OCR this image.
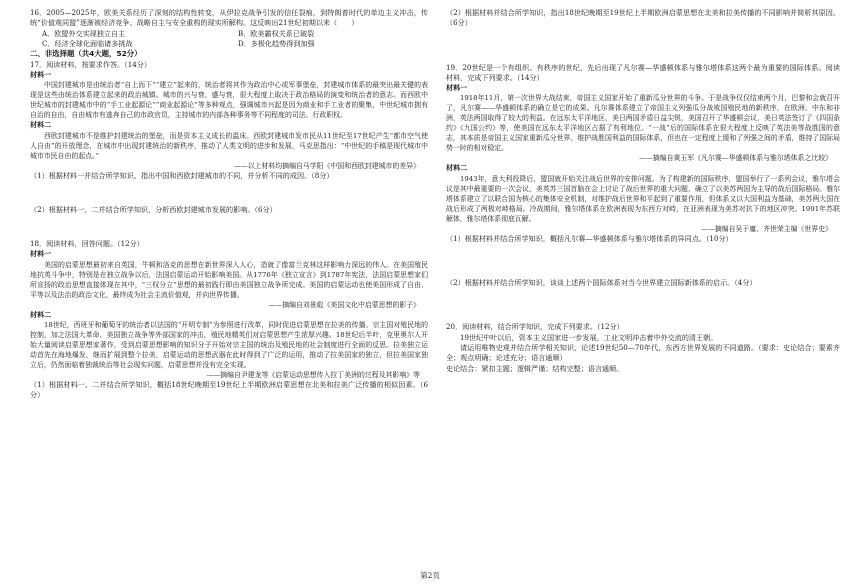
16．2005—2025年，欧美关系经历了深刻的结构性转变，从伊拉克战争引发的信任裂痕，到特朗普时代的单边主义冲击，传统“价值观同盟”逐渐被经济竞争、战略自主与安全重构的现实所解构。这反映出21世纪初期以来（　　）

A．欧盟外交实现独立自主	B．欧美霸权关系已破裂
C．经济全球化面临诸多挑战	D．多极化趋势得到加强

二、非选择题（共4大题，52分）

17．阅读材料，按要求作答。（14分）

材料一

中国封建城市是由统治者“自上而下”“建立”起来的，统治者将其作为政治中心或军事堡垒，封建城市体系的最突出最关键的表现是这些由统治体系建立起来的政治城镇。城市的兴与衰、盛与衰，很大程度上取决于政治格局的演变和统治者的意志。而西欧中世纪城市的封建城市中的“手工业起源论”“商业起源论”等多种观点，强调城市兴起是因为商业和手工业者的聚集，中世纪城市拥有自治的自由，自由城市有逃奔自己的市政官员，主持城市的内部各种事务等不同程度的司法、行政职权。

材料二

西欧封建城市不是维护封建统治的堡垒，而是资本主义成长的温床。西欧封建城市发市民从11世纪至17世纪产生“都市空气使人自由”的开放理念，在城市中出现封建统治的新秩序，推动了人类文明的进步和发展，马克思指出：“中世纪的手稿是现代城市中城市市民自由的起点。”

——以上材料均摘编自马学阳《中国和西欧封建城市的差异》

（1）根据材料一并结合所学知识，指出中国和西欧封建城市的不同，并分析不同的成因。（8分）

（2）根据材料一、二并结合所学知识，分析西欧封建城市发展的影响。（6分）

18．阅读材料，回答问题。（12分）

材料一

美国的启蒙思想最初来自英国，牛顿和洛克的思想在新世界深入人心，造就了像富兰克林这样影响力深远的伟人。在美国殖民地抗英斗争中，特别是在独立战争以后，法国启蒙运动开始影响美国。从1776年《独立宣言》到1787年宪法，法国启蒙思想家们所宣扬的政治思想直接体现在其中，“三权分立”思想的最初践行即由美国独立战争所完成。美国的启蒙运动也使美国形成了自由、平等以及法治的政治文化，最终成为社会主流价值观，并向世界传播。

——摘编自刘景彪《美国文化中启蒙思想的影子》

材料二

18世纪，西班牙和葡萄牙的统治者以法国的“开明专制”为参照进行改革，同时促进启蒙思想在拉美的传播。宗主国对殖民地的控制，加之法国大革命、美国独立战争等外部国家的冲击，殖民地精英们对启蒙思想产生浓厚兴趣。18世纪后半叶，克里奥尔人开始大量阅读启蒙思想家著作，受到启蒙思想影响的知识分子开始对宗主国的统治及殖民地的社会制度进行全面的反思。拉美独立运动首先在海地爆发，继而扩展到整个拉美，启蒙运动的思想武器在此时得到了广泛的运用，推动了拉美国家的独立，但拉美国家独立后，仍然面临着独裁统治等社会现实问题，启蒙思想并没有完全实现。

——摘编自尹建龙等《启蒙运动思想传入拉丁美洲的过程及其影响》等

（1）根据材料一、二并结合所学知识，概括18世纪晚期至19世纪上半期欧洲启蒙思想在北美和拉美广泛传播的相似因素。（6分）

（2）根据材料并结合所学知识，指出18世纪晚期至19世纪上半期欧洲启蒙思想在北美和拉美传播的不同影响并简析其原因。（6分）

19．20世纪是一个有组织、有秩序的世纪，先后出现了凡尔赛—华盛顿体系与雅尔塔体系这两个最为重要的国际体系。阅读材料，完成下列要求。（14分）

材料一

1918年11月，第一次世界大战结束，帝国主义国家开始了重新瓜分世界的斗争。于是战争仅仅结束两个月，巴黎和会就召开了，凡尔赛——华盛顿体系的确立是它的成果。凡尔赛体系建立了帝国主义列强瓜分战败国殖民地的新秩序，在欧洲、中东和非洲，英法两国取得了较大的利益。在远东太平洋地区，美日两国矛盾日益尖锐，美国召开了华盛顿会议，美日英法签订了《四国条约》《九国公约》等，使美国在远东太平洋地区占据了有利地位。“一战”后的国际体系在很大程度上反映了英法美等战胜国的意志，其本质是帝国主义国家重新瓜分世界、维护战胜国利益的国际体系，但也在一定程度上缓和了列强之间的矛盾，维持了国际局势一时的相对稳定。

——摘编自黄玉军《凡尔赛—华盛顿体系与雅尔塔体系之比较》

材料二

1943年，意大利投降后，盟国就开始关注战后世界的安排问题。为了构建新的国际秩序，盟国举行了一系列会议，雅尔塔会议是其中最重要的一次会议，美英苏三国首脑在会上讨论了战后世界的重大问题，确立了以美苏两国为主导的战后国际格局。雅尔塔体系建立了以联合国为核心的集体安全机制，对维护战后世界和平起到了重要作用，但体系又以大国利益为基础，美苏两大国在战后形成了两极对峙格局。冷战期间，雅尔塔体系在欧洲表现为东西方对峙，在亚洲表现为美苏对抗下的地区冲突。1991年苏联解体，雅尔塔体系彻底瓦解。

——摘编自吴于廑、齐世荣主编《世界史》

（1）根据材料并结合所学知识，概括凡尔赛—华盛顿体系与雅尔塔体系的异同点。（10分）

（2）根据材料并结合所学知识，谈谈上述两个国际体系对当今世界建立国际新体系的启示。（4分）

20．阅读材料，结合所学知识，完成下列要求。（12分）

19世纪中叶以后，资本主义国家进一步发展，工业文明冲击着中外交流的清王朝。

请运用唯物史观并结合所学相关知识，论述19世纪50—70年代，东西方世界发展的不同道路。（要求：史论结合；要素齐全；观点明确；论述充分；语言通顺）

史论结合：紧扣主题；逻辑严谨；结构完整；语言通顺。

第2页
